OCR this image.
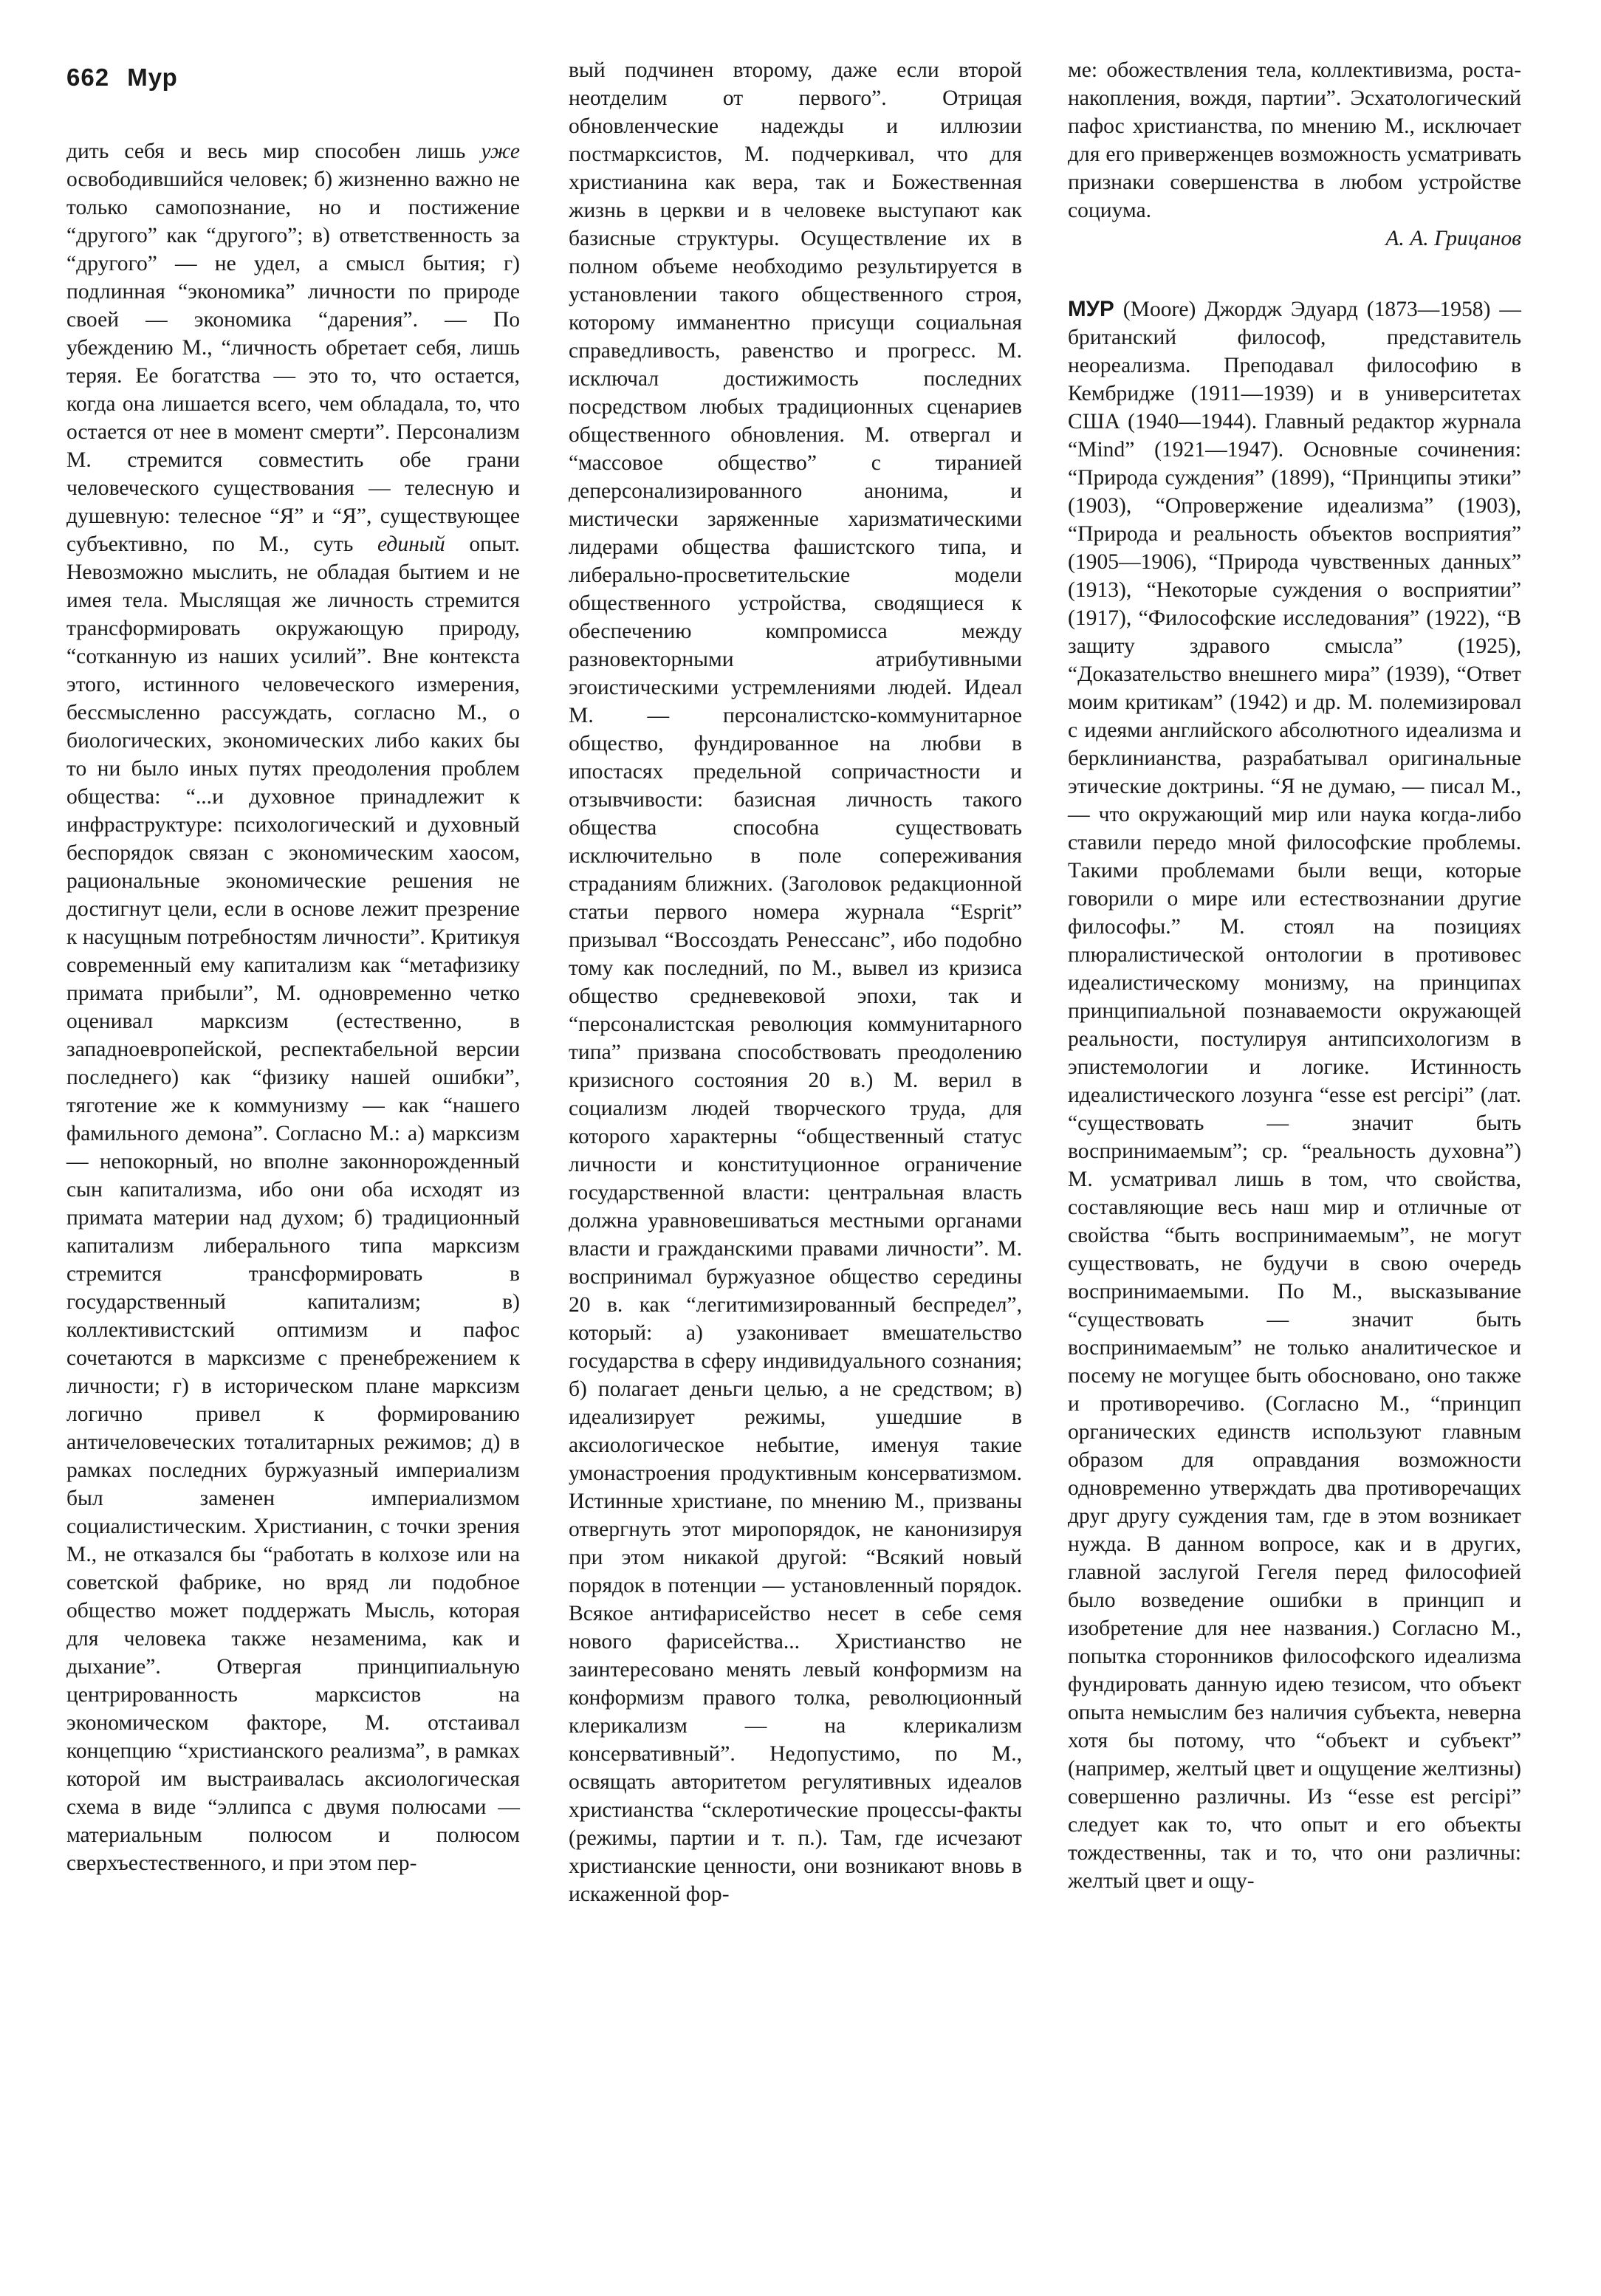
662 Мур

дить себя и весь мир способен лишь уже освободившийся человек; б) жизненно важно не только самопознание, но и постижение “другого” как “другого”; в) ответственность за “другого” — не удел, а смысл бытия; г) подлинная “экономика” личности по природе своей — экономика “дарения”. — По убеждению М., “личность обретает себя, лишь теряя. Ее богатства — это то, что остается, когда она лишается всего, чем обладала, то, что остается от нее в момент смерти”. Персонализм М. стремится совместить обе грани человеческого существования — телесную и душевную: телесное “Я” и “Я”, существующее субъективно, по М., суть единый опыт. Невозможно мыслить, не обладая бытием и не имея тела. Мыслящая же личность стремится трансформировать окружающую природу, “сотканную из наших усилий”. Вне контекста этого, истинного человеческого измерения, бессмысленно рассуждать, согласно М., о биологических, экономических либо каких бы то ни было иных путях преодоления проблем общества: “...и духовное принадлежит к инфраструктуре: психологический и духовный беспорядок связан с экономическим хаосом, рациональные экономические решения не достигнут цели, если в основе лежит презрение к насущным потребностям личности”. Критикуя современный ему капитализм как “метафизику примата прибыли”, М. одновременно четко оценивал марксизм (естественно, в западноевропейской, респектабельной версии последнего) как “физику нашей ошибки”, тяготение же к коммунизму — как “нашего фамильного демона”. Согласно М.: а) марксизм — непокорный, но вполне законнорожденный сын капитализма, ибо они оба исходят из примата материи над духом; б) традиционный капитализм либерального типа марксизм стремится трансформировать в государственный капитализм; в) коллективистский оптимизм и пафос сочетаются в марксизме с пренебрежением к личности; г) в историческом плане марксизм логично привел к формированию античеловеческих тоталитарных режимов; д) в рамках последних буржуазный империализм был заменен империализмом социалистическим. Христианин, с точки зрения М., не отказался бы “работать в колхозе или на советской фабрике, но вряд ли подобное общество может поддержать Мысль, которая для человека также незаменима, как и дыхание”. Отвергая принципиальную центрированность марксистов на экономическом факторе, М. отстаивал концепцию “христианского реализма”, в рамках которой им выстраивалась аксиологическая схема в виде “эллипса с двумя полюсами — материальным полюсом и полюсом сверхъестественного, и при этом пер-

вый подчинен второму, даже если второй неотделим от первого”. Отрицая обновленческие надежды и иллюзии постмарксистов, М. подчеркивал, что для христианина как вера, так и Божественная жизнь в церкви и в человеке выступают как базисные структуры. Осуществление их в полном объеме необходимо результируется в установлении такого общественного строя, которому имманентно присущи социальная справедливость, равенство и прогресс. М. исключал достижимость последних посредством любых традиционных сценариев общественного обновления. М. отвергал и “массовое общество” с тиранией деперсонализированного анонима, и мистически заряженные харизматическими лидерами общества фашистского типа, и либерально-просветительские модели общественного устройства, сводящиеся к обеспечению компромисса между разновекторными атрибутивными эгоистическими устремлениями людей. Идеал М. — персоналистско-коммунитарное общество, фундированное на любви в ипостасях предельной сопричастности и отзывчивости: базисная личность такого общества способна существовать исключительно в поле сопереживания страданиям ближних. (Заголовок редакционной статьи первого номера журнала “Esprit” призывал “Воссоздать Ренессанс”, ибо подобно тому как последний, по М., вывел из кризиса общество средневековой эпохи, так и “персоналистская революция коммунитарного типа” призвана способствовать преодолению кризисного состояния 20 в.) М. верил в социализм людей творческого труда, для которого характерны “общественный статус личности и конституционное ограничение государственной власти: центральная власть должна уравновешиваться местными органами власти и гражданскими правами личности”. М. воспринимал буржуазное общество середины 20 в. как “легитимизированный беспредел”, который: а) узаконивает вмешательство государства в сферу индивидуального сознания; б) полагает деньги целью, а не средством; в) идеализирует режимы, ушедшие в аксиологическое небытие, именуя такие умонастроения продуктивным консерватизмом. Истинные христиане, по мнению М., призваны отвергнуть этот миропорядок, не канонизируя при этом никакой другой: “Всякий новый порядок в потенции — установленный порядок. Всякое антифарисейство несет в себе семя нового фарисейства... Христианство не заинтересовано менять левый конформизм на конформизм правого толка, революционный клерикализм — на клерикализм консервативный”. Недопустимо, по М., освящать авторитетом регулятивных идеалов христианства “склеротические процессы-факты (режимы, партии и т. п.). Там, где исчезают христианские ценности, они возникают вновь в искаженной фор-

ме: обожествления тела, коллективизма, роста-накопления, вождя, партии”. Эсхатологический пафос христианства, по мнению М., исключает для его приверженцев возможность усматривать признаки совершенства в любом устройстве социума.

А. А. Грицанов

МУР (Moore) Джордж Эдуард (1873—1958) — британский философ, представитель неореализма. Преподавал философию в Кембридже (1911—1939) и в университетах США (1940—1944). Главный редактор журнала “Mind” (1921—1947). Основные сочинения: “Природа суждения” (1899), “Принципы этики” (1903), “Опровержение идеализма” (1903), “Природа и реальность объектов восприятия” (1905—1906), “Природа чувственных данных” (1913), “Некоторые суждения о восприятии” (1917), “Философские исследования” (1922), “В защиту здравого смысла” (1925), “Доказательство внешнего мира” (1939), “Ответ моим критикам” (1942) и др. М. полемизировал с идеями английского абсолютного идеализма и берклинианства, разрабатывал оригинальные этические доктрины. “Я не думаю, — писал М., — что окружающий мир или наука когда-либо ставили передо мной философские проблемы. Такими проблемами были вещи, которые говорили о мире или естествознании другие философы.” М. стоял на позициях плюралистической онтологии в противовес идеалистическому монизму, на принципах принципиальной познаваемости окружающей реальности, постулируя антипсихологизм в эпистемологии и логике. Истинность идеалистического лозунга “esse est percipi” (лат. “существовать — значит быть воспринимаемым”; ср. “реальность духовна”) М. усматривал лишь в том, что свойства, составляющие весь наш мир и отличные от свойства “быть воспринимаемым”, не могут существовать, не будучи в свою очередь воспринимаемыми. По М., высказывание “существовать — значит быть воспринимаемым” не только аналитическое и посему не могущее быть обосновано, оно также и противоречиво. (Согласно М., “принцип органических единств используют главным образом для оправдания возможности одновременно утверждать два противоречащих друг другу суждения там, где в этом возникает нужда. В данном вопросе, как и в других, главной заслугой Гегеля перед философией было возведение ошибки в принцип и изобретение для нее названия.) Согласно М., попытка сторонников философского идеализма фундировать данную идею тезисом, что объект опыта немыслим без наличия субъекта, неверна хотя бы потому, что “объект и субъект” (например, желтый цвет и ощущение желтизны) совершенно различны. Из “esse est percipi” следует как то, что опыт и его объекты тождественны, так и то, что они различны: желтый цвет и ощу-
